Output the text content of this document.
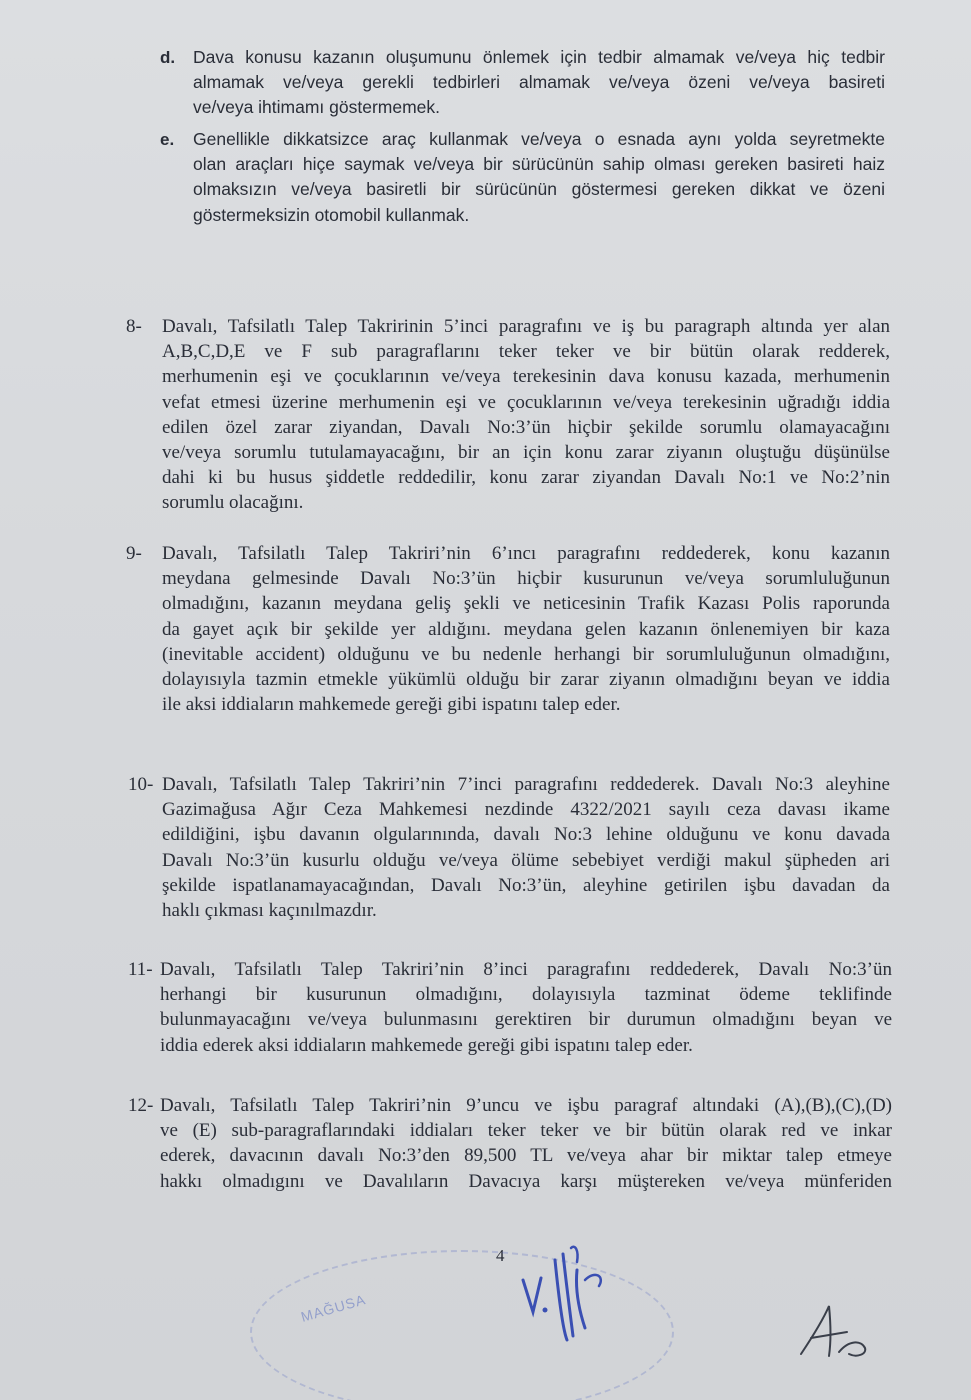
d. Dava konusu kazanın oluşumunu önlemek için tedbir almamak ve/veya hiç tedbir
almamak ve/veya gerekli tedbirleri almamak ve/veya özeni ve/veya basireti
ve/veya ihtimamı göstermemek.
e. Genellikle dikkatsizce araç kullanmak ve/veya o esnada aynı yolda seyretmekte
olan araçları hiçe saymak ve/veya bir sürücünün sahip olması gereken basireti haiz
olmaksızın ve/veya basiretli bir sürücünün göstermesi gereken dikkat ve özeni
göstermeksizin otomobil kullanmak.
8- Davalı, Tafsilatlı Talep Takririnin 5’inci paragrafını ve iş bu paragraph altında yer alan
A,B,C,D,E ve F sub paragraflarını teker teker ve bir bütün olarak redderek,
merhumenin eşi ve çocuklarının ve/veya terekesinin dava konusu kazada, merhumenin
vefat etmesi üzerine merhumenin eşi ve çocuklarının ve/veya terekesinin uğradığı iddia
edilen özel zarar ziyandan, Davalı No:3’ün hiçbir şekilde sorumlu olamayacağını
ve/veya sorumlu tutulamayacağını, bir an için konu zarar ziyanın oluştuğu düşünülse
dahi ki bu husus şiddetle reddedilir, konu zarar ziyandan Davalı No:1 ve No:2’nin
sorumlu olacağını.
9- Davalı, Tafsilatlı Talep Takriri’nin 6’ıncı paragrafını reddederek, konu kazanın
meydana gelmesinde Davalı No:3’ün hiçbir kusurunun ve/veya sorumluluğunun
olmadığını, kazanın meydana geliş şekli ve neticesinin Trafik Kazası Polis raporunda
da gayet açık bir şekilde yer aldığını. meydana gelen kazanın önlenemiyen bir kaza
(inevitable accident) olduğunu ve bu nedenle herhangi bir sorumluluğunun olmadığını,
dolayısıyla tazmin etmekle yükümlü olduğu bir zarar ziyanın olmadığını beyan ve iddia
ile aksi iddiaların mahkemede gereği gibi ispatını talep eder.
10- Davalı, Tafsilatlı Talep Takriri’nin 7’inci paragrafını reddederek. Davalı No:3 aleyhine
Gazimağusa Ağır Ceza Mahkemesi nezdinde 4322/2021 sayılı ceza davası ikame
edildiğini, işbu davanın olgularınında, davalı No:3 lehine olduğunu ve konu davada
Davalı No:3’ün kusurlu olduğu ve/veya ölüme sebebiyet verdiği makul şüpheden ari
şekilde ispatlanamayacağından, Davalı No:3’ün, aleyhine getirilen işbu davadan da
haklı çıkması kaçınılmazdır.
11- Davalı, Tafsilatlı Talep Takriri’nin 8’inci paragrafını reddederek, Davalı No:3’ün
herhangi bir kusurunun olmadığını, dolayısıyla tazminat ödeme teklifinde
bulunmayacağını ve/veya bulunmasını gerektiren bir durumun olmadığını beyan ve
iddia ederek aksi iddiaların mahkemede gereği gibi ispatını talep eder.
12- Davalı, Tafsilatlı Talep Takriri’nin 9’uncu ve işbu paragraf altındaki (A),(B),(C),(D)
ve (E) sub-paragraflarındaki iddiaları teker teker ve bir bütün olarak red ve inkar
ederek, davacının davalı No:3’den 89,500 TL ve/veya ahar bir miktar talep etmeye
hakkı olmadıgını ve Davalıların Davacıya karşı müştereken ve/veya münferiden
4
MAĞUSA
